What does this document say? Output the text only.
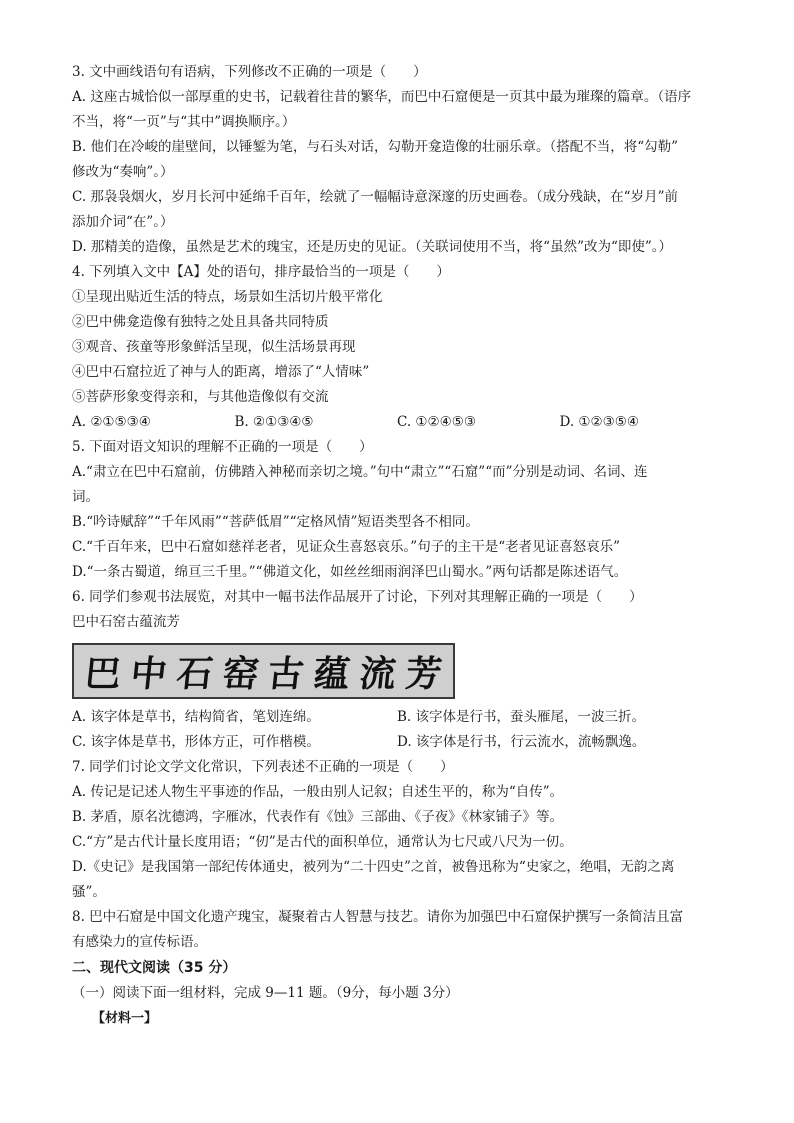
3. 文中画线语句有语病，下列修改不正确的一项是（　　）
A. 这座古城恰似一部厚重的史书，记载着往昔的繁华，而巴中石窟便是一页其中最为璀璨的篇章。（语序
不当，将“一页”与“其中”调换顺序。）
B. 他们在冷峻的崖壁间，以锤錾为笔，与石头对话，勾勒开龛造像的壮丽乐章。（搭配不当，将“勾勒”
修改为“奏响”。）
C. 那袅袅烟火，岁月长河中延绵千百年，绘就了一幅幅诗意深邃的历史画卷。（成分残缺，在“岁月”前
添加介词“在”。）
D. 那精美的造像，虽然是艺术的瑰宝，还是历史的见证。（关联词使用不当，将“虽然”改为“即使”。）
4. 下列填入文中【A】处的语句，排序最恰当的一项是（　　）
①呈现出贴近生活的特点，场景如生活切片般平常化
②巴中佛龛造像有独特之处且具备共同特质
③观音、孩童等形象鲜活呈现，似生活场景再现
④巴中石窟拉近了神与人的距离，增添了“人情味”
⑤菩萨形象变得亲和，与其他造像似有交流
A. ②①⑤③④	B. ②①③④⑤	C. ①②④⑤③	D. ①②③⑤④
5. 下面对语文知识的理解不正确的一项是（　　）
A.“肃立在巴中石窟前，仿佛踏入神秘而亲切之境。”句中“肃立”“石窟”“而”分别是动词、名词、连
词。
B.“吟诗赋辞”“千年风雨”“菩萨低眉”“定格风情”短语类型各不相同。
C.“千百年来，巴中石窟如慈祥老者，见证众生喜怒哀乐。”句子的主干是“老者见证喜怒哀乐”
D.“一条古蜀道，绵亘三千里。”“佛道文化，如丝丝细雨润泽巴山蜀水。”两句话都是陈述语气。
6. 同学们参观书法展览，对其中一幅书法作品展开了讨论，下列对其理解正确的一项是（　　）
巴中石窑古蕴流芳
巴 中 石 窑 古 蕴 流 芳
A. 该字体是草书，结构简省，笔划连绵。	B. 该字体是行书，蚕头雁尾，一波三折。
C. 该字体是草书，形体方正，可作楷模。	D. 该字体是行书，行云流水，流畅飘逸。
7. 同学们讨论文学文化常识，下列表述不正确的一项是（　　）
A. 传记是记述人物生平事迹的作品，一般由别人记叙；自述生平的，称为“自传”。
B. 茅盾，原名沈德鸿，字雁冰，代表作有《蚀》三部曲、《子夜》《林家铺子》等。
C.“方”是古代计量长度用语；“仞”是古代的面积单位，通常认为七尺或八尺为一仞。
D.《史记》是我国第一部纪传体通史，被列为“二十四史”之首，被鲁迅称为“史家之，绝唱，无韵之离
骚”。
8. 巴中石窟是中国文化遗产瑰宝，凝聚着古人智慧与技艺。请你为加强巴中石窟保护撰写一条简洁且富
有感染力的宣传标语。
二、现代文阅读（35 分）
（一）阅读下面一组材料，完成 9—11 题。（9分，每小题 3分）
【材料一】
